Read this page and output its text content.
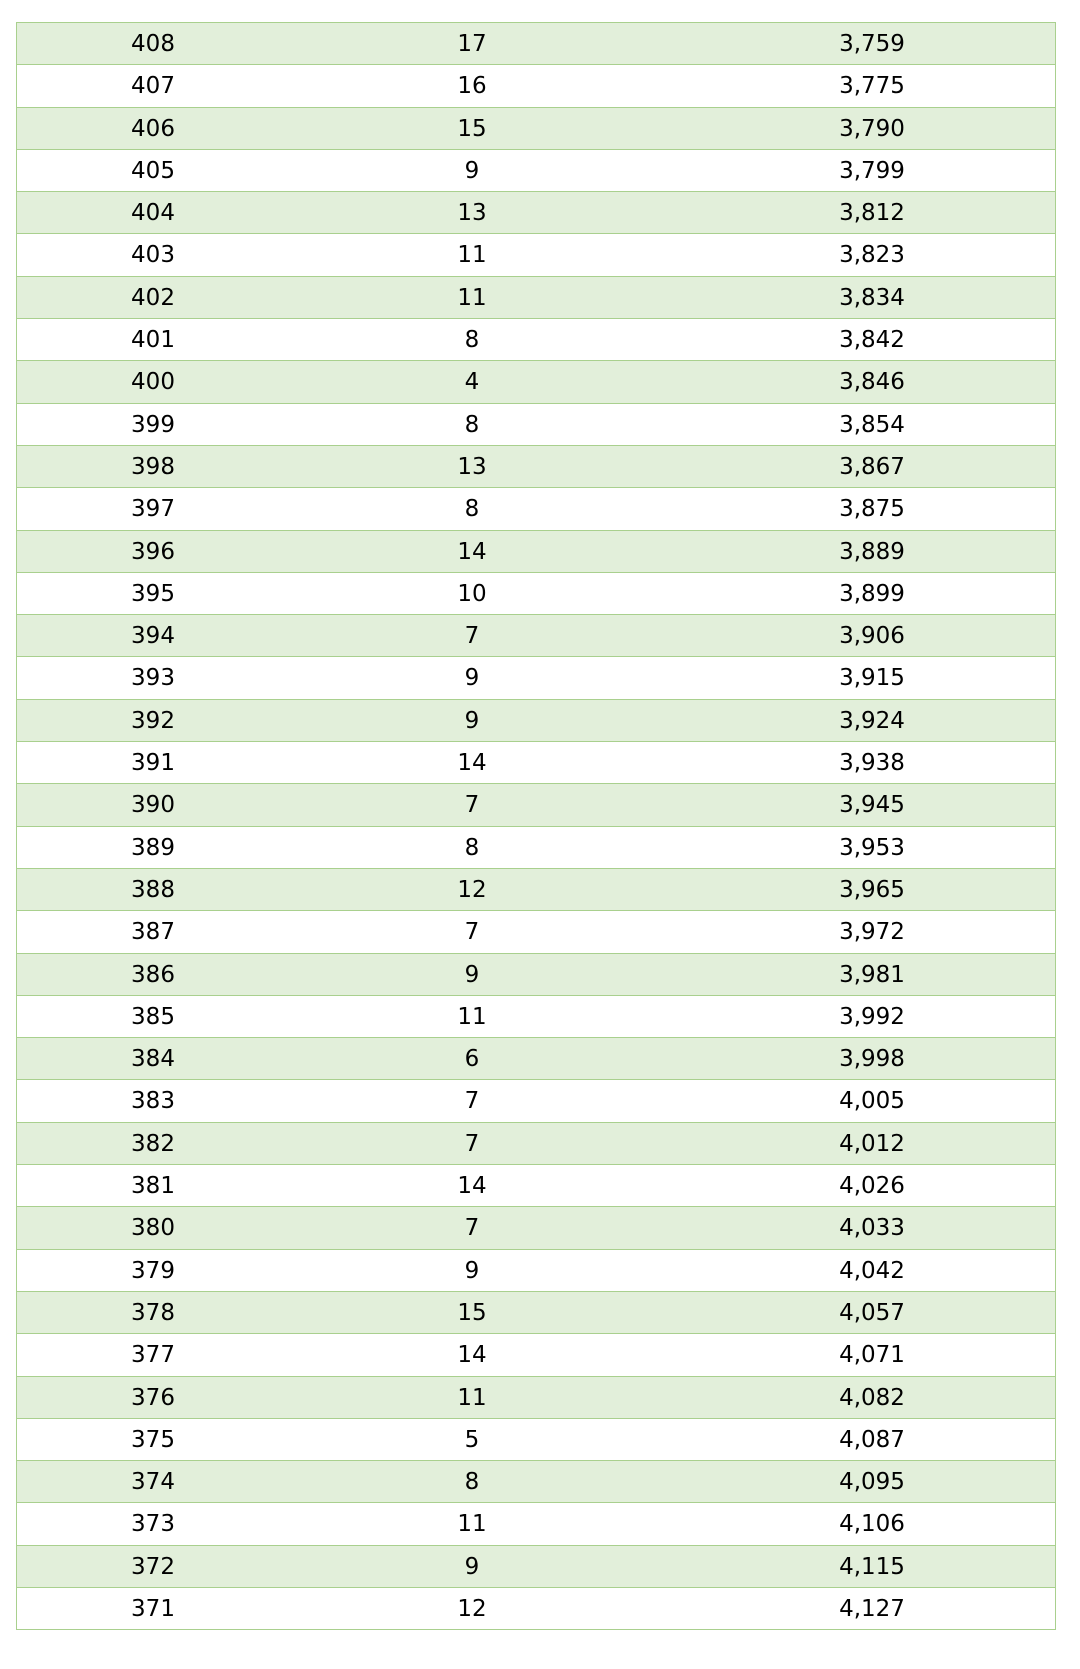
408	17	3,759
407	16	3,775
406	15	3,790
405	9	3,799
404	13	3,812
403	11	3,823
402	11	3,834
401	8	3,842
400	4	3,846
399	8	3,854
398	13	3,867
397	8	3,875
396	14	3,889
395	10	3,899
394	7	3,906
393	9	3,915
392	9	3,924
391	14	3,938
390	7	3,945
389	8	3,953
388	12	3,965
387	7	3,972
386	9	3,981
385	11	3,992
384	6	3,998
383	7	4,005
382	7	4,012
381	14	4,026
380	7	4,033
379	9	4,042
378	15	4,057
377	14	4,071
376	11	4,082
375	5	4,087
374	8	4,095
373	11	4,106
372	9	4,115
371	12	4,127
